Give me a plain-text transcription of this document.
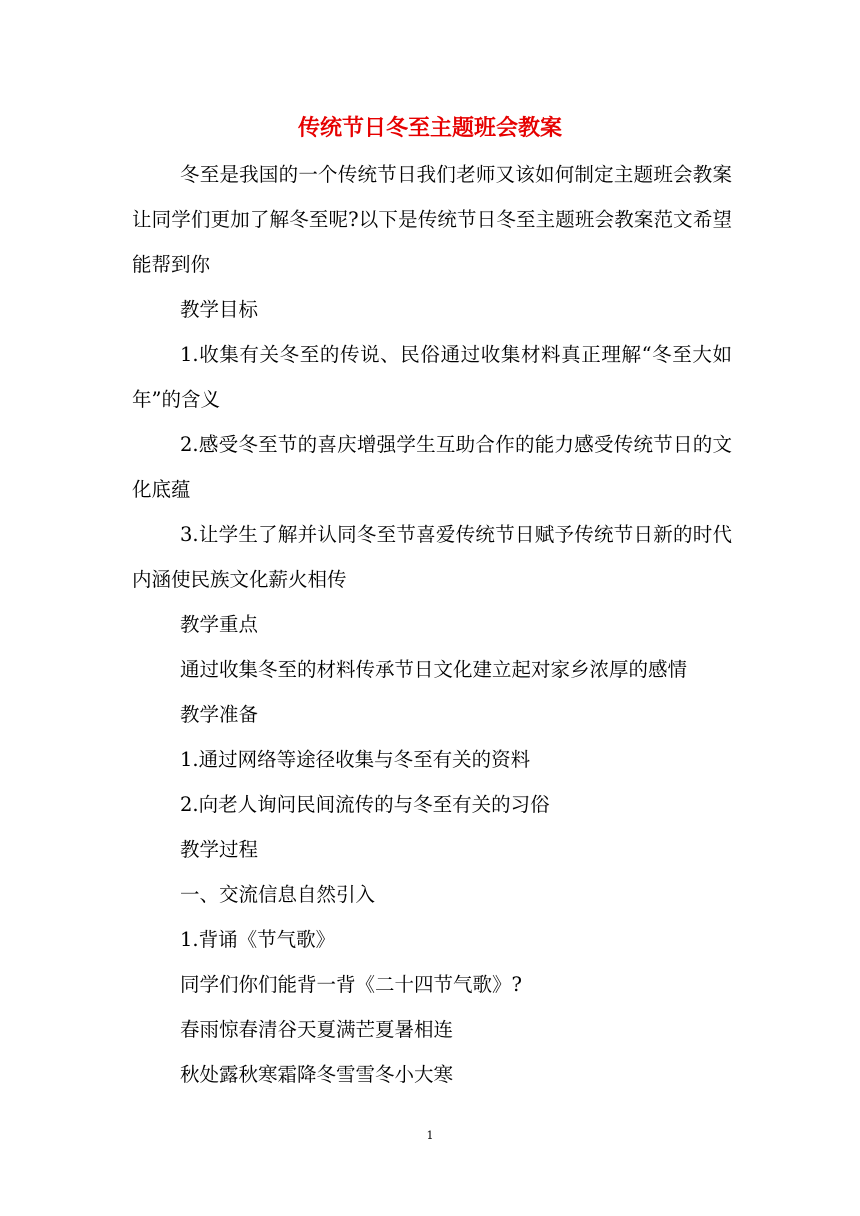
传统节日冬至主题班会教案

冬至是我国的一个传统节日我们老师又该如何制定主题班会教案让同学们更加了解冬至呢?以下是传统节日冬至主题班会教案范文希望能帮到你

教学目标

1.收集有关冬至的传说、民俗通过收集材料真正理解“冬至大如年”的含义

2.感受冬至节的喜庆增强学生互助合作的能力感受传统节日的文化底蕴

3.让学生了解并认同冬至节喜爱传统节日赋予传统节日新的时代内涵使民族文化薪火相传

教学重点

通过收集冬至的材料传承节日文化建立起对家乡浓厚的感情

教学准备

1.通过网络等途径收集与冬至有关的资料

2.向老人询问民间流传的与冬至有关的习俗

教学过程

一、交流信息自然引入

1.背诵《节气歌》

同学们你们能背一背《二十四节气歌》?

春雨惊春清谷天夏满芒夏暑相连

秋处露秋寒霜降冬雪雪冬小大寒

1
